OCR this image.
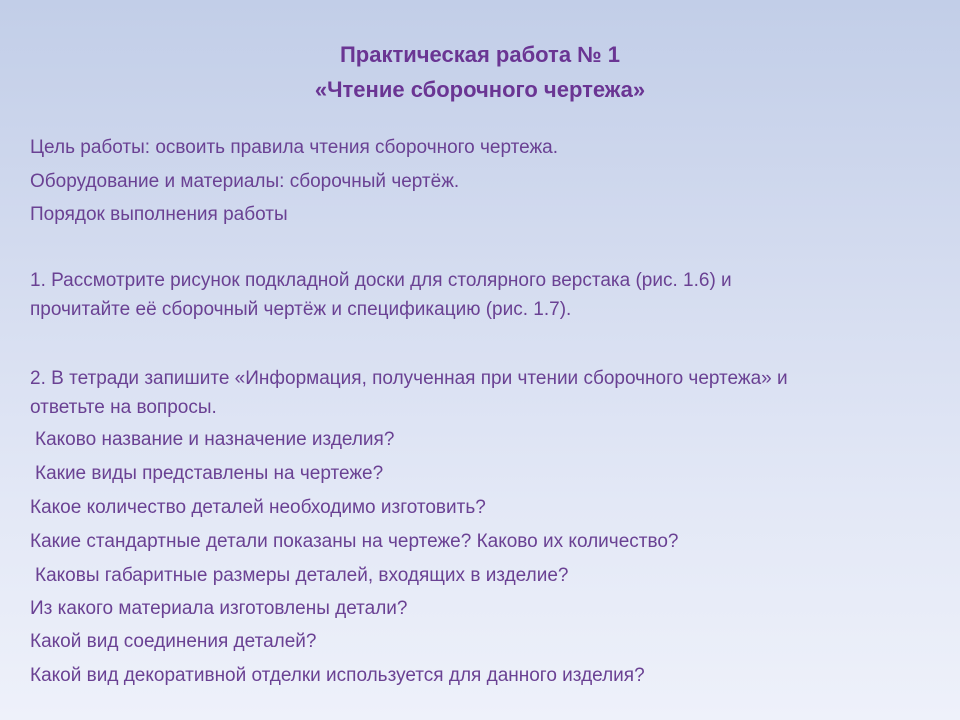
Практическая работа № 1
«Чтение сборочного чертежа»
Цель работы: освоить правила чтения сборочного чертежа.
Оборудование и материалы: сборочный чертёж.
Порядок выполнения работы
1. Рассмотрите рисунок подкладной доски для столярного верстака (рис. 1.6) и
прочитайте её сборочный чертёж и спецификацию (рис. 1.7).
2. В тетради запишите «Информация, полученная при чтении сборочного чертежа» и
ответьте на вопросы.
Каково название и назначение изделия?
Какие виды представлены на чертеже?
Какое количество деталей необходимо изготовить?
Какие стандартные детали показаны на чертеже? Каково их количество?
Каковы габаритные размеры деталей, входящих в изделие?
Из какого материала изготовлены детали?
Какой вид соединения деталей?
Какой вид декоративной отделки используется для данного изделия?
